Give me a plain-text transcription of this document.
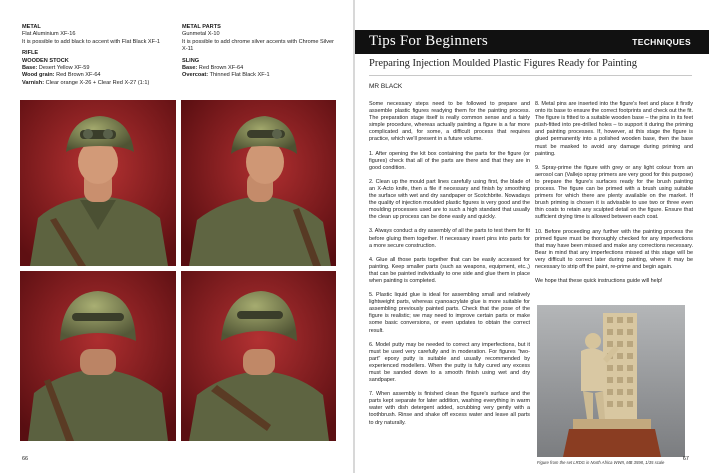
METAL
Flat Aluminium XF-16
It is possible to add black to accent with Flat Black XF-1
RIFLE
WOODEN STOCK
Base: Desert Yellow XF-59
Wood grain: Red Brown XF-64
Varnish: Clear orange X-26 + Clear Red X-27 (1:1)
METAL PARTS
Gunmetal X-10
It is possible to add chrome silver accents with Chrome Silver X-11
SLING
Base: Red Brown XF-64
Overcoat: Thinned Flat Black XF-1
66
Tips For Beginners	TECHNIQUES
Preparing Injection Moulded Plastic Figures Ready for Painting
MR BLACK

Some necessary steps need to be followed to prepare and assemble plastic figures readying them for the painting process. The preparation stage itself is really common sense and a fairly simple procedure, whereas actually painting a figure is a far more complicated and, for some, a difficult process that requires practice, which we'll present in a future volume.

1. After opening the kit box containing the parts for the figure (or figures) check that all of the parts are there and that they are in good condition.

2. Clean up the mould part lines carefully using first, the blade of an X-Acto knife, then a file if necessary and finish by smoothing the surface with wet and dry sandpaper or Scotchbrite. Nowadays the quality of injection moulded plastic figures is very good and the moulding processes used are to such a high standard that usually the clean up process can be done easily and quickly.

3. Always conduct a dry assembly of all the parts to test them for fit before gluing them together. If necessary insert pins into parts for a more secure construction.

4. Glue all those parts together that can be easily accessed for painting. Keep smaller parts (such as weapons, equipment, etc.,) that can be painted individually to one side and glue them in place when painting is completed.

5. Plastic liquid glue is ideal for assembling small and relatively lightweight parts, whereas cyanoacrylate glue is more suitable for assembling previously painted parts. Check that the pose of the figure is realistic; we may need to improve certain parts or make some basic conversions, or even updates to obtain the correct result.

6. Model putty may be needed to correct any imperfections, but it must be used very carefully and in moderation. For figures "two-part" epoxy putty is suitable and usually recommended by experienced modellers. When the putty is fully cured any excess must be sanded down to a smooth finish using wet and dry sandpaper.

7. When assembly is finished clean the figure's surface and the parts kept separate for later addition, washing everything in warm water with dish detergent added, scrubbing very gently with a toothbrush. Rinse and shake off excess water and leave all parts to dry naturally.

8. Metal pins are inserted into the figure's feet and place it firstly onto its base to ensure the correct footprints and check out the fit. The figure is fitted to a suitable wooden base – the pins in its feet push-fitted into pre-drilled holes – to support it during the priming and painting processes. If, however, at this stage the figure is glued permanently into a polished wooden base, then the base must be masked to avoid any damage during priming and painting.

9. Spray-prime the figure with grey or any light colour from an aerosol can (Vallejo spray primers are very good for this purpose) to prepare the figure's surfaces ready for the brush painting process. The figure can be primed with a brush using suitable primers for which there are plenty available on the market. If brush priming is chosen it is advisable to use two or three even thin coats to retain any sculpted detail on the figure. Ensure that sufficient drying time is allowed between each coat.

10. Before proceeding any further with the painting process the primed figure must be thoroughly checked for any imperfections that may have been missed and make any corrections necessary. Bear in mind that any imperfections missed at this stage will be very difficult to correct later during painting, where it may be necessary to strip off the paint, re-prime and begin again.

We hope that these quick instructions guide will help!

Figure from the set LRDG in North Africa WWII, MB 3598, 1/35 scale
67
